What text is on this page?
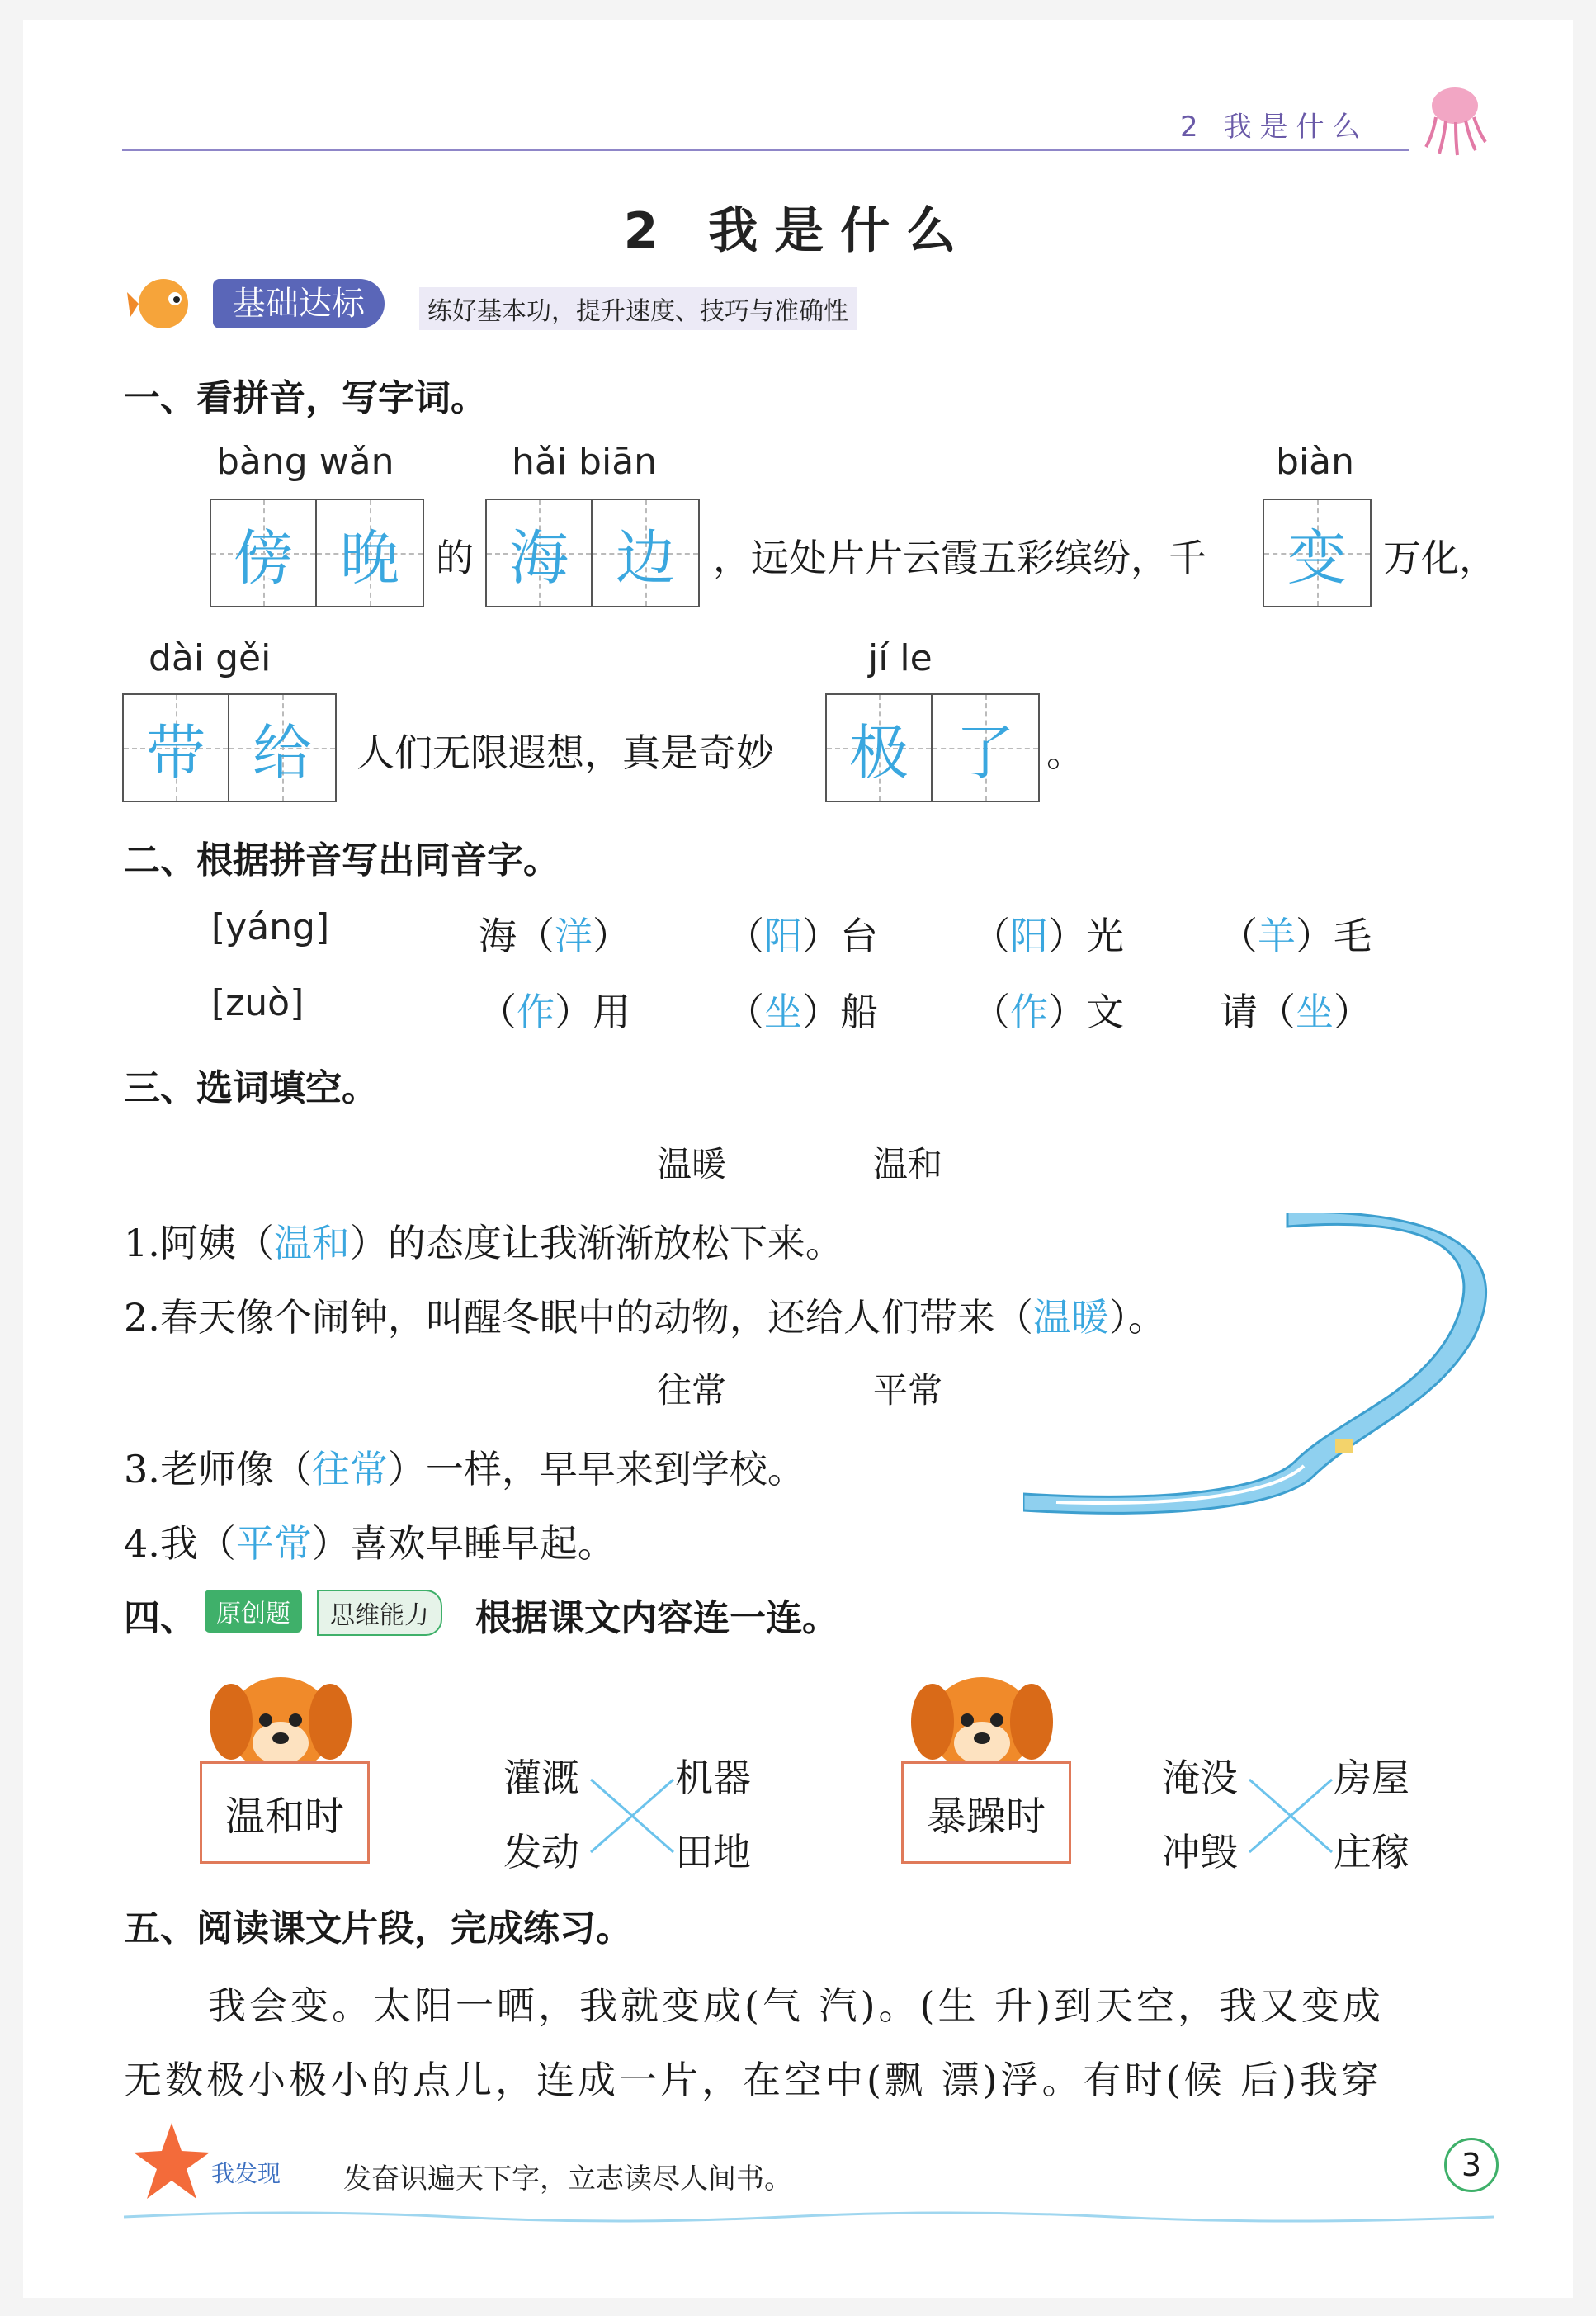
2 我是什么
2 我是什么
基础达标	练好基本功，提升速度、技巧与准确性
一、看拼音，写字词。
bàng wǎn
傍 晚 的
hǎi biān
海 边 ，远处片片云霞五彩缤纷，千
biàn
变 万化，
dài gěi
带 给 人们无限遐想，真是奇妙
jí le
极 了 。
二、根据拼音写出同音字。
[yáng]	海（洋）	（阳）台 （阳）光	（羊）毛
[zuò]	（作）用	（坐）船 （作）文	请（坐）
三、选词填空。
温暖	温和
1.阿姨（温和）的态度让我渐渐放松下来。
2.春天像个闹钟，叫醒冬眠中的动物，还给人们带来（温暖）。
往常	平常
3.老师像（往常）一样，早早来到学校。
4.我（平常）喜欢早睡早起。
四、 原创题	思维能力	根据课文内容连一连。
温和时
灌溉
发动
机器
田地
暴躁时
淹没
冲毁
房屋
庄稼
五、阅读课文片段，完成练习。
我会变。太阳一晒，我就变成(气 汽)。(生 升)到天空，我又变成
无数极小极小的点儿，连成一片，在空中(飘 漂)浮。有时(候 后)我穿
我发现 发奋识遍天下字，立志读尽人间书。	3
